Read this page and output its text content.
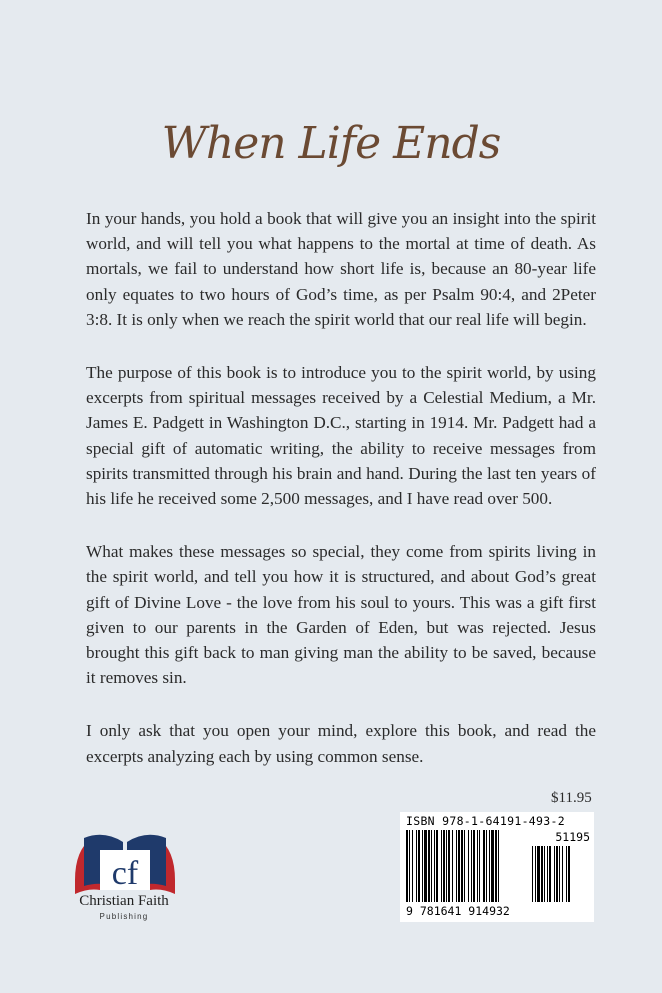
When Life Ends

In your hands, you hold a book that will give you an insight into the spirit world, and will tell you what happens to the mortal at time of death. As mortals, we fail to understand how short life is, because an 80-year life only equates to two hours of God’s time, as per Psalm 90:4, and 2Peter 3:8. It is only when we reach the spirit world that our real life will begin.

The purpose of this book is to introduce you to the spirit world, by using excerpts from spiritual messages received by a Celestial Medium, a Mr. James E. Padgett in Washington D.C., starting in 1914. Mr. Padgett had a special gift of automatic writing, the ability to receive messages from spirits transmitted through his brain and hand. During the last ten years of his life he received some 2,500 messages, and I have read over 500.

What makes these messages so special, they come from spirits living in the spirit world, and tell you how it is structured, and about God’s great gift of Divine Love - the love from his soul to yours. This was a gift first given to our parents in the Garden of Eden, but was rejected. Jesus brought this gift back to man giving man the ability to be saved, because it removes sin.

I only ask that you open your mind, explore this book, and read the excerpts analyzing each by using common sense.

$11.95
ISBN 978-1-64191-493-2
51195
9 781641 914932
cf
Christian Faith
Publishing
